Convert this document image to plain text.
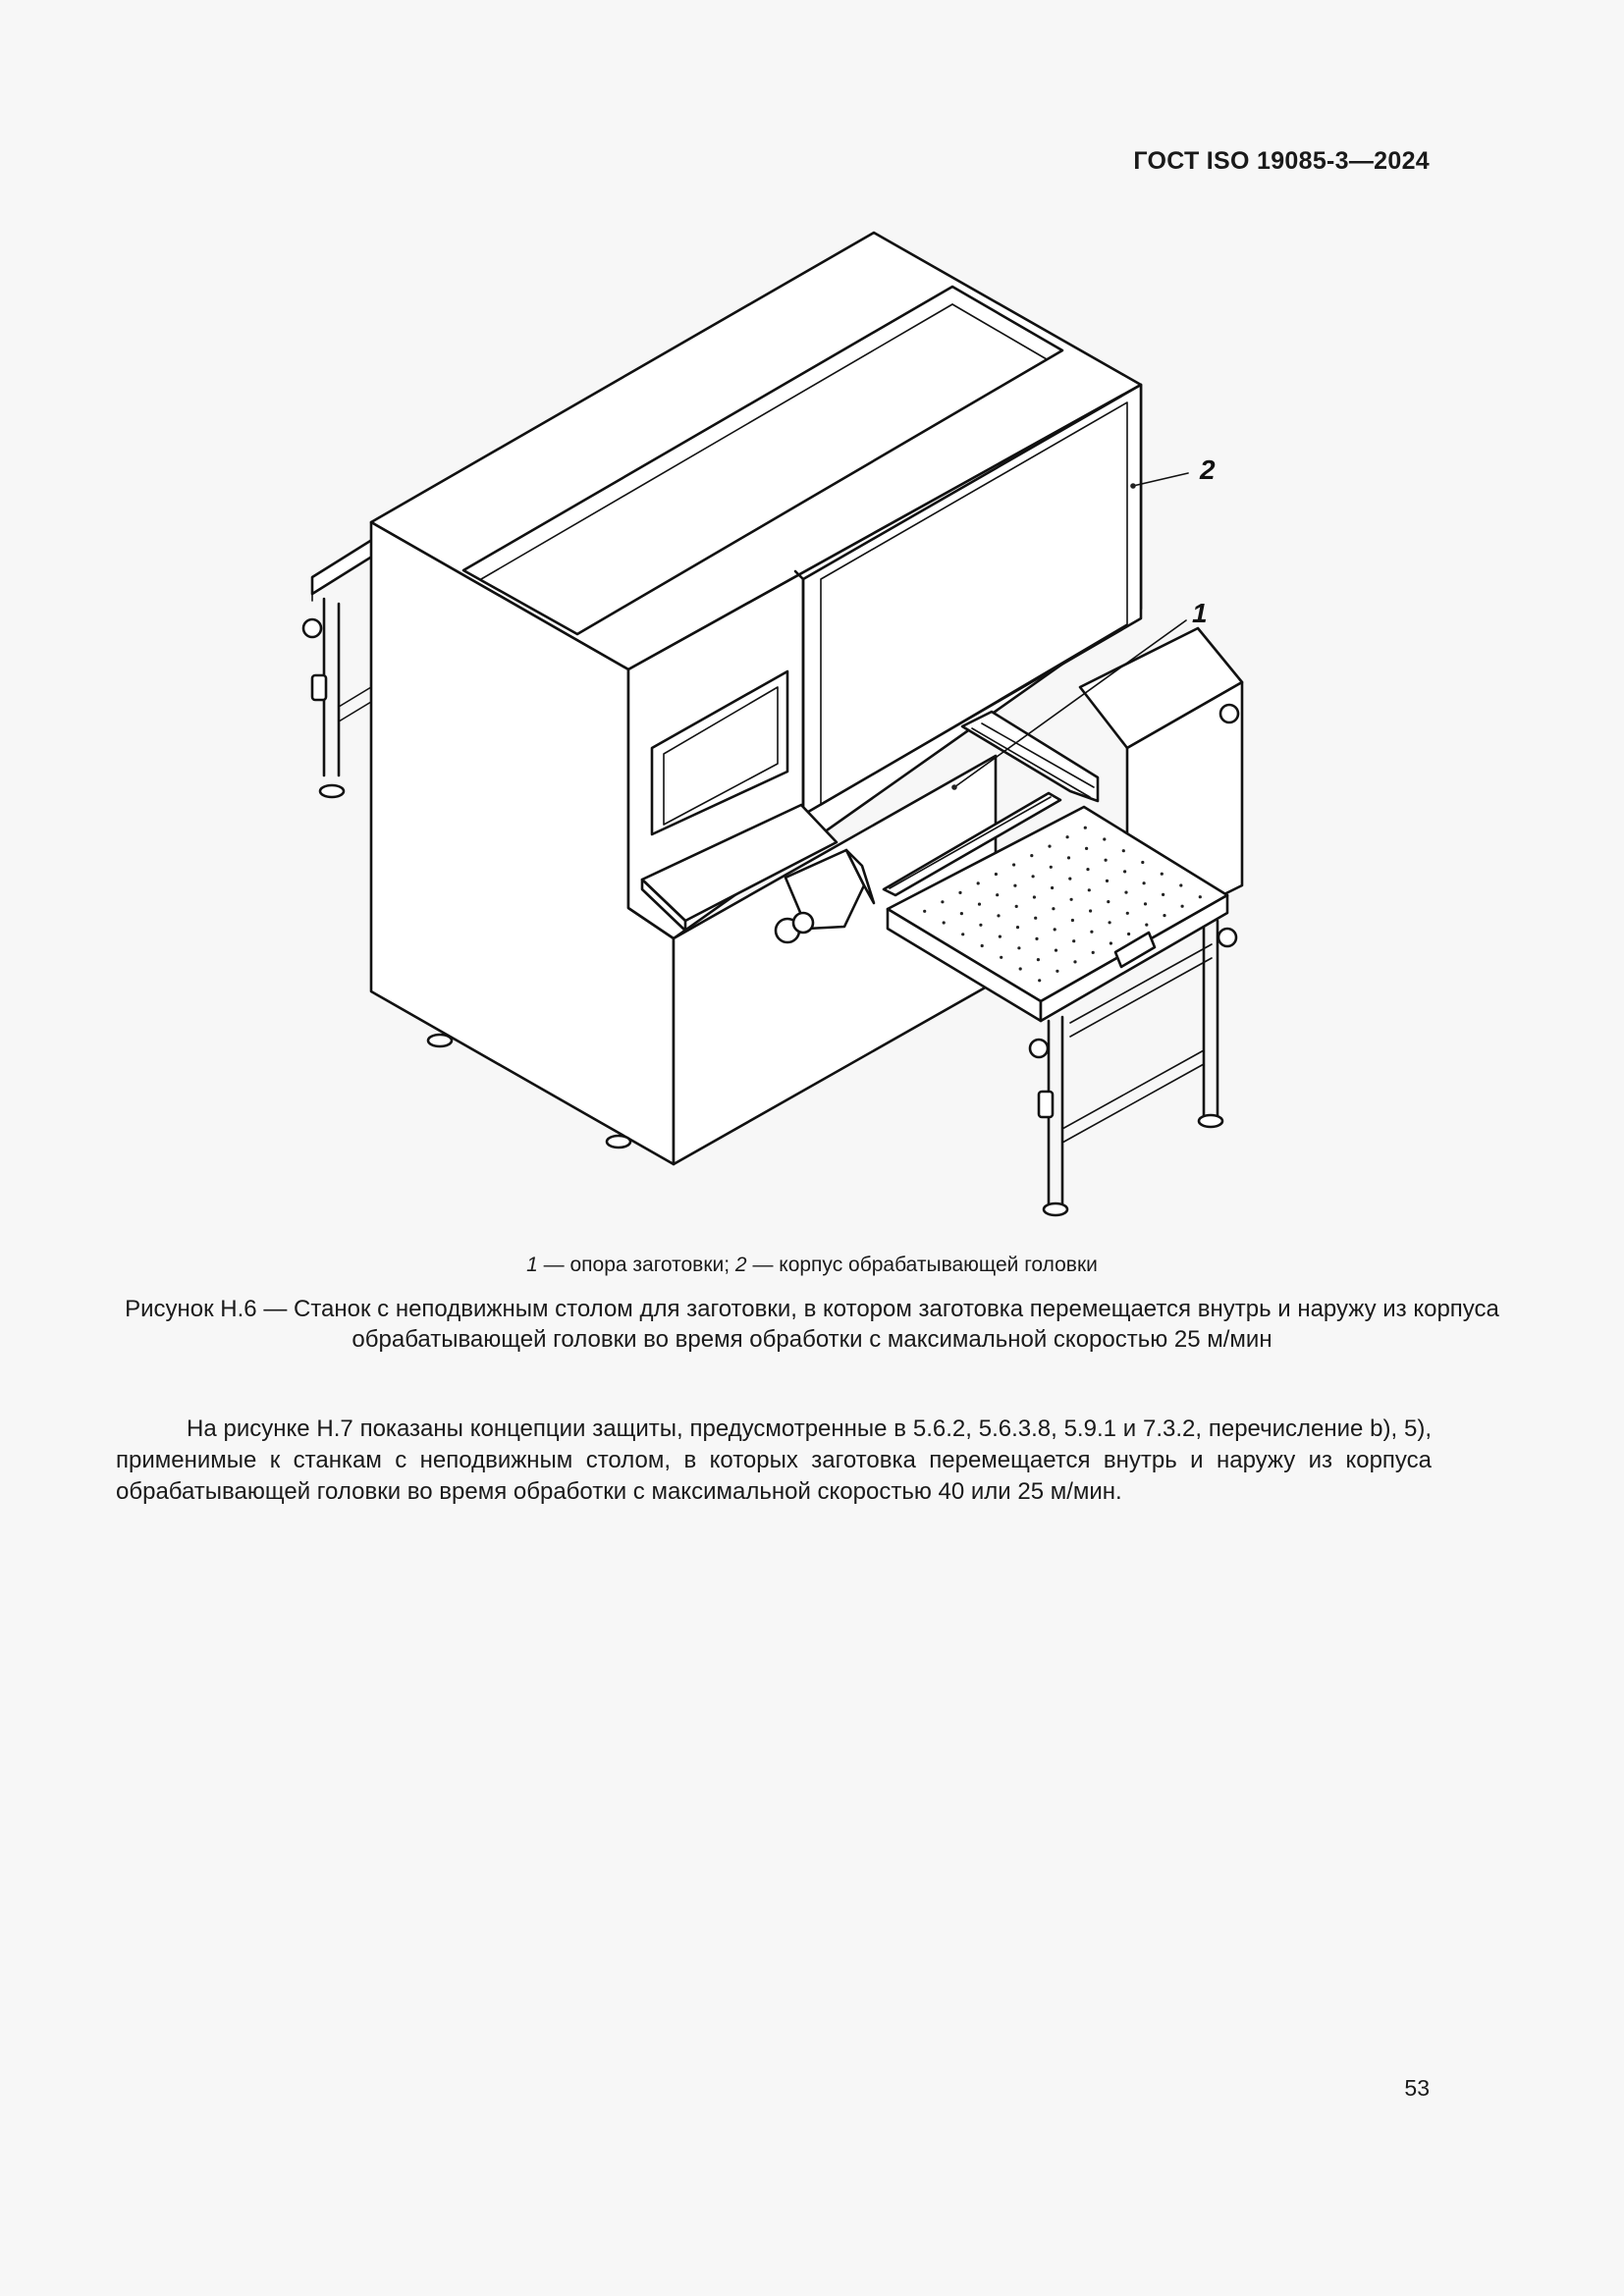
ГОСТ ISO 19085-3—2024
2
1
1 — опора заготовки; 2 — корпус обрабатывающей головки
Рисунок Н.6 — Станок с неподвижным столом для заготовки, в котором заготовка перемещается внутрь и наружу из корпуса обрабатывающей головки во время обработки с максимальной скоростью 25 м/мин
На рисунке Н.7 показаны концепции защиты, предусмотренные в 5.6.2, 5.6.3.8, 5.9.1 и 7.3.2, перечисление b), 5), применимые к станкам с неподвижным столом, в которых заготовка перемещается внутрь и наружу из корпуса обрабатывающей головки во время обработки с максимальной скоростью 40 или 25 м/мин.
53
